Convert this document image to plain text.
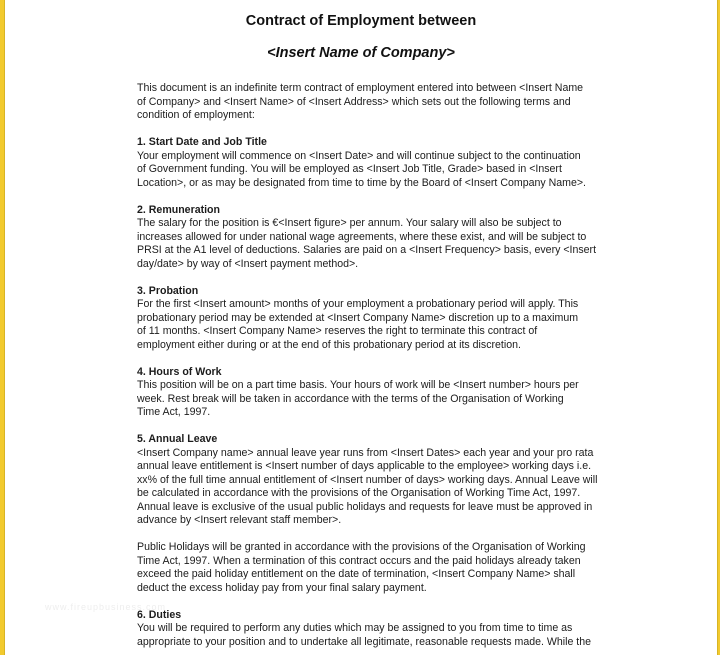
Contract of Employment between
<Insert Name of Company>
This document is an indefinite term contract of employment entered into between <Insert Name
of Company> and <Insert Name> of <Insert Address> which sets out the following terms and
condition of employment:
1. Start Date and Job Title
Your employment will commence on <Insert Date> and will continue subject to the continuation
of Government funding. You will be employed as <Insert Job Title, Grade> based in <Insert
Location>, or as may be designated from time to time by the Board of <Insert Company Name>.
2. Remuneration
The salary for the position is €<Insert figure> per annum. Your salary will also be subject to
increases allowed for under national wage agreements, where these exist, and will be subject to
PRSI at the A1 level of deductions. Salaries are paid on a <Insert Frequency> basis, every <Insert
day/date> by way of <Insert payment method>.
3. Probation
For the first <Insert amount> months of your employment a probationary period will apply. This
probationary period may be extended at <Insert Company Name> discretion up to a maximum
of 11 months. <Insert Company Name> reserves the right to terminate this contract of
employment either during or at the end of this probationary period at its discretion.
4. Hours of Work
This position will be on a part time basis. Your hours of work will be <Insert number> hours per
week. Rest break will be taken in accordance with the terms of the Organisation of Working
Time Act, 1997.
5. Annual Leave
<Insert Company name> annual leave year runs from <Insert Dates> each year and your pro rata
annual leave entitlement is <Insert number of days applicable to the employee> working days i.e.
xx% of the full time annual entitlement of <Insert number of days> working days. Annual Leave will
be calculated in accordance with the provisions of the Organisation of Working Time Act, 1997.
Annual leave is exclusive of the usual public holidays and requests for leave must be approved in
advance by <Insert relevant staff member>.
Public Holidays will be granted in accordance with the provisions of the Organisation of Working
Time Act, 1997. When a termination of this contract occurs and the paid holidays already taken
exceed the paid holiday entitlement on the date of termination, <Insert Company Name> shall
deduct the excess holiday pay from your final salary payment.
6. Duties
You will be required to perform any duties which may be assigned to you from time to time as
appropriate to your position and to undertake all legitimate, reasonable requests made. While the
www.fireupbusiness.com
